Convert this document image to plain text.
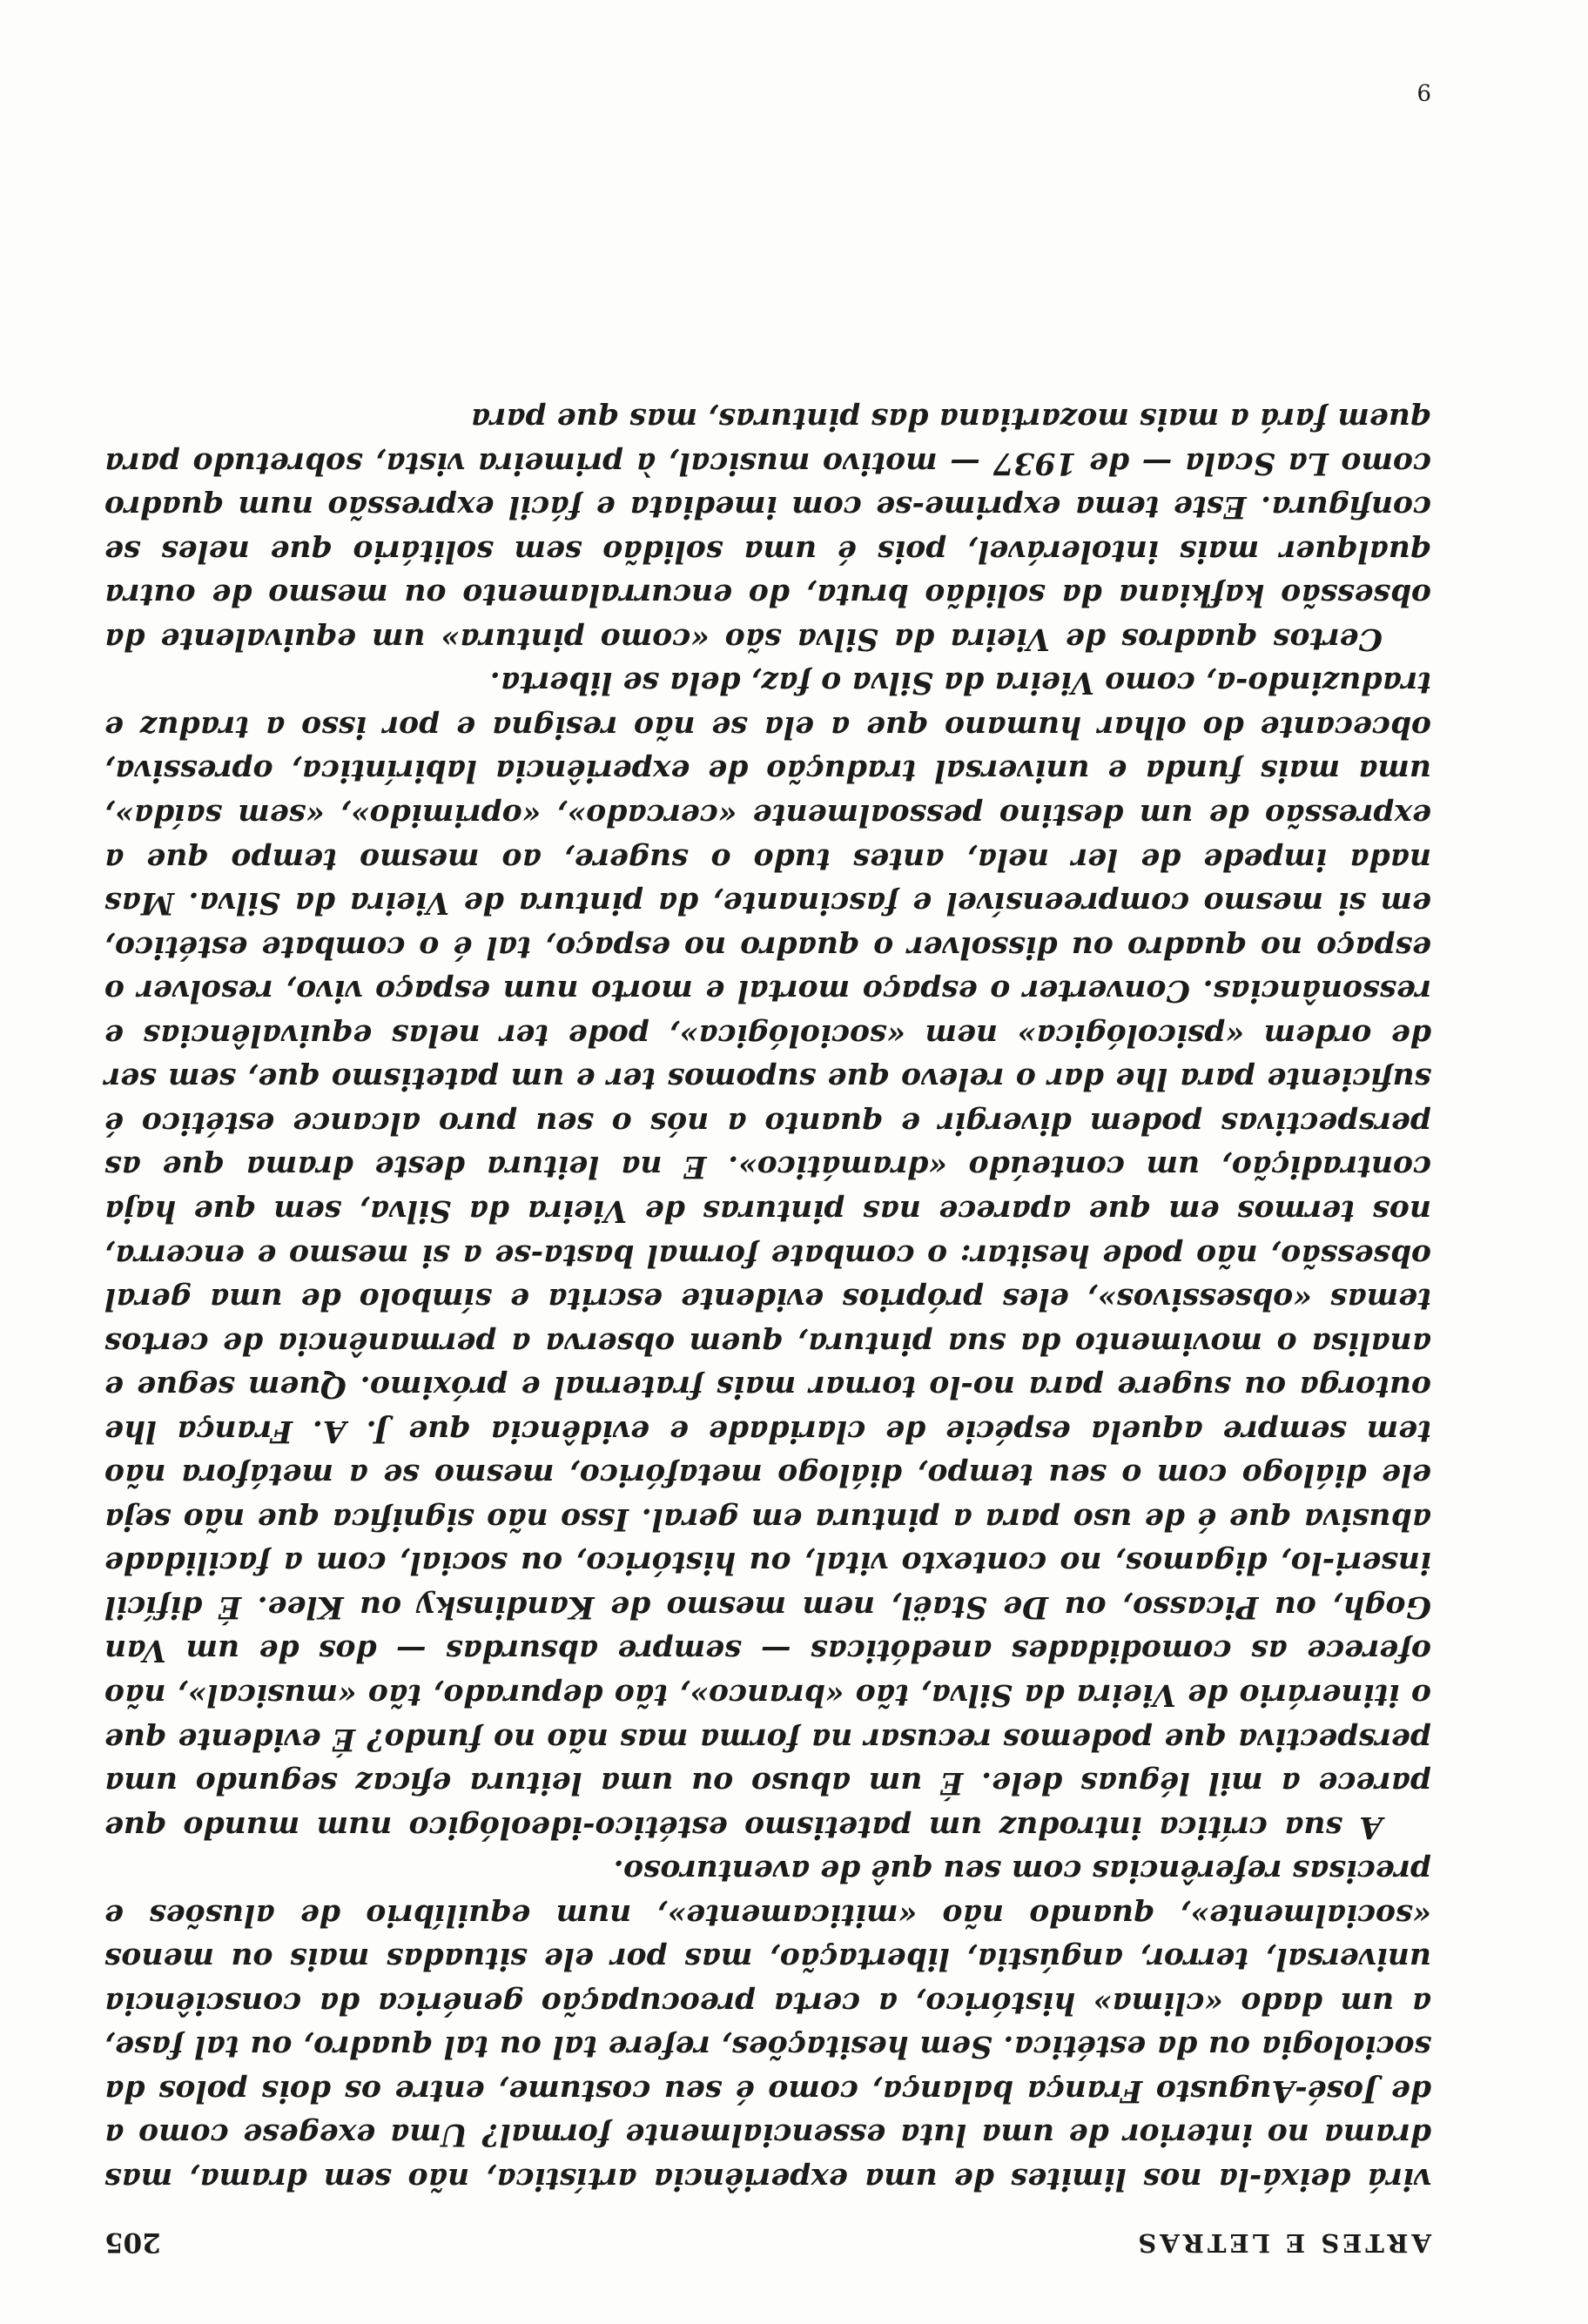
ARTES E LETRAS
205

virá deixá-la nos limites de uma experiência artística, não sem drama, mas drama no interior de uma luta essencialmente formal? Uma exegese como a de José-Augusto França balança, como é seu costume, entre os dois polos da sociologia ou da estética. Sem hesitações, refere tal ou tal quadro, ou tal fase, a um dado «clima» histórico, a certa preocupação genérica da consciência universal, terror, angústia, libertação, mas por ele situadas mais ou menos «socialmente», quando não «miticamente», num equilíbrio de alusões e precisas referências com seu quê de aventuroso.

A sua crítica introduz um patetismo estético-ideológico num mundo que parece a mil léguas dele. É um abuso ou uma leitura eficaz segundo uma perspectiva que podemos recusar na forma mas não no fundo? É evidente que o itinerário de Vieira da Silva, tão «branco», tão depurado, tão «musical», não oferece as comodidades anedóticas — sempre absurdas — dos de um Van Gogh, ou Picasso, ou De Staël, nem mesmo de Kandinsky ou Klee. É difícil inseri-lo, digamos, no contexto vital, ou histórico, ou social, com a facilidade abusiva que é de uso para a pintura em geral. Isso não significa que não seja ele diálogo com o seu tempo, diálogo metafórico, mesmo se a metáfora não tem sempre aquela espécie de claridade e evidência que J. A. França lhe outorga ou sugere para no-lo tornar mais fraternal e próximo. Quem segue e analisa o movimento da sua pintura, quem observa a permanência de certos temas «obsessivos», eles próprios evidente escrita e símbolo de uma geral obsessão, não pode hesitar: o combate formal basta-se a si mesmo e encerra, nos termos em que aparece nas pinturas de Vieira da Silva, sem que haja contradição, um conteúdo «dramático». E na leitura deste drama que as perspectivas podem divergir e quanto a nós o seu puro alcance estético é suficiente para lhe dar o relevo que supomos ter e um patetismo que, sem ser de ordem «psicológica» nem «sociológica», pode ter nelas equivalências e ressonâncias. Converter o espaço mortal e morto num espaço vivo, resolver o espaço no quadro ou dissolver o quadro no espaço, tal é o combate estético, em si mesmo compreensível e fascinante, da pintura de Vieira da Silva. Mas nada impede de ler nela, antes tudo o sugere, ao mesmo tempo que a expressão de um destino pessoalmente «cercado», «oprimido», «sem saída», uma mais funda e universal tradução de experiência labiríntica, opressiva, obcecante do olhar humano que a ela se não resigna e por isso a traduz e traduzindo-a, como Vieira da Silva o faz, dela se liberta.

Certos quadros de Vieira da Silva são «como pintura» um equivalente da obsessão kafkiana da solidão bruta, do encurralamento ou mesmo de outra qualquer mais intolerável, pois é uma solidão sem solitário que neles se configura. Este tema exprime-se com imediata e fácil expressão num quadro como La Scala — de 1937 — motivo musical, à primeira vista, sobretudo para quem fará a mais mozartiana das pinturas, mas que para

9
